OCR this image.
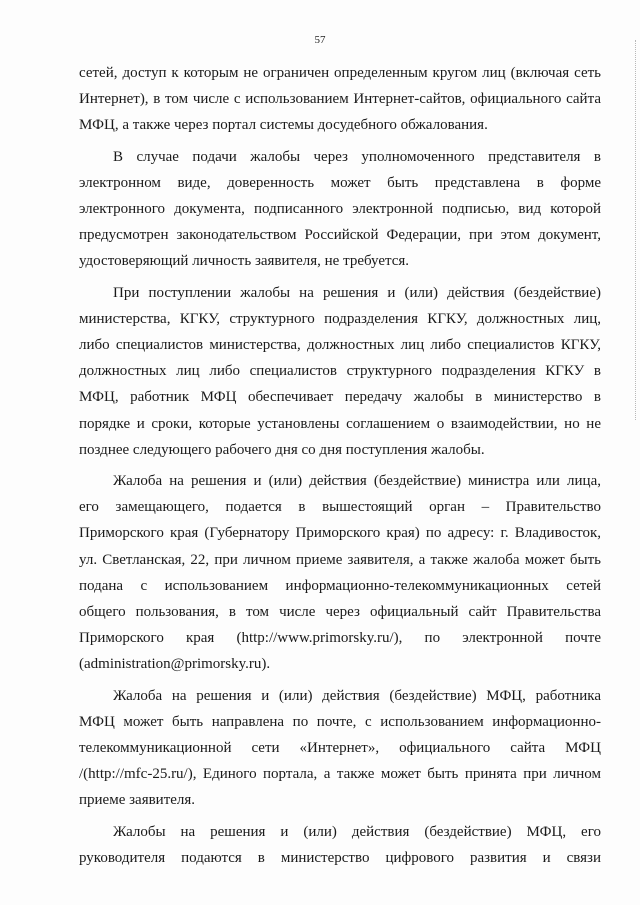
57

сетей, доступ к которым не ограничен определенным кругом лиц (включая сеть
Интернет), в том числе с использованием Интернет-сайтов, официального сайта
МФЦ, а также через портал системы досудебного обжалования.

В случае подачи жалобы через уполномоченного представителя в
электронном виде, доверенность может быть представлена в форме
электронного документа, подписанного электронной подписью, вид которой
предусмотрен законодательством Российской Федерации, при этом документ,
удостоверяющий личность заявителя, не требуется.

При поступлении жалобы на решения и (или) действия (бездействие)
министерства, КГКУ, структурного подразделения КГКУ, должностных лиц,
либо специалистов министерства, должностных лиц либо специалистов КГКУ,
должностных лиц либо специалистов структурного подразделения КГКУ в
МФЦ, работник МФЦ обеспечивает передачу жалобы в министерство в
порядке и сроки, которые установлены соглашением о взаимодействии, но не
позднее следующего рабочего дня со дня поступления жалобы.

Жалоба на решения и (или) действия (бездействие) министра или лица,
его замещающего, подается в вышестоящий орган – Правительство
Приморского края (Губернатору Приморского края) по адресу: г. Владивосток,
ул. Светланская, 22, при личном приеме заявителя, а также жалоба может быть
подана с использованием информационно-телекоммуникационных сетей
общего пользования, в том числе через официальный сайт Правительства
Приморского края (http://www.primorsky.ru/), по электронной почте
(administration@primorsky.ru).

Жалоба на решения и (или) действия (бездействие) МФЦ, работника
МФЦ может быть направлена по почте, с использованием информационно-
телекоммуникационной сети «Интернет», официального сайта МФЦ
/(http://mfc-25.ru/), Единого портала, а также может быть принята при личном
приеме заявителя.

Жалобы на решения и (или) действия (бездействие) МФЦ, его
руководителя подаются в министерство цифрового развития и связи
